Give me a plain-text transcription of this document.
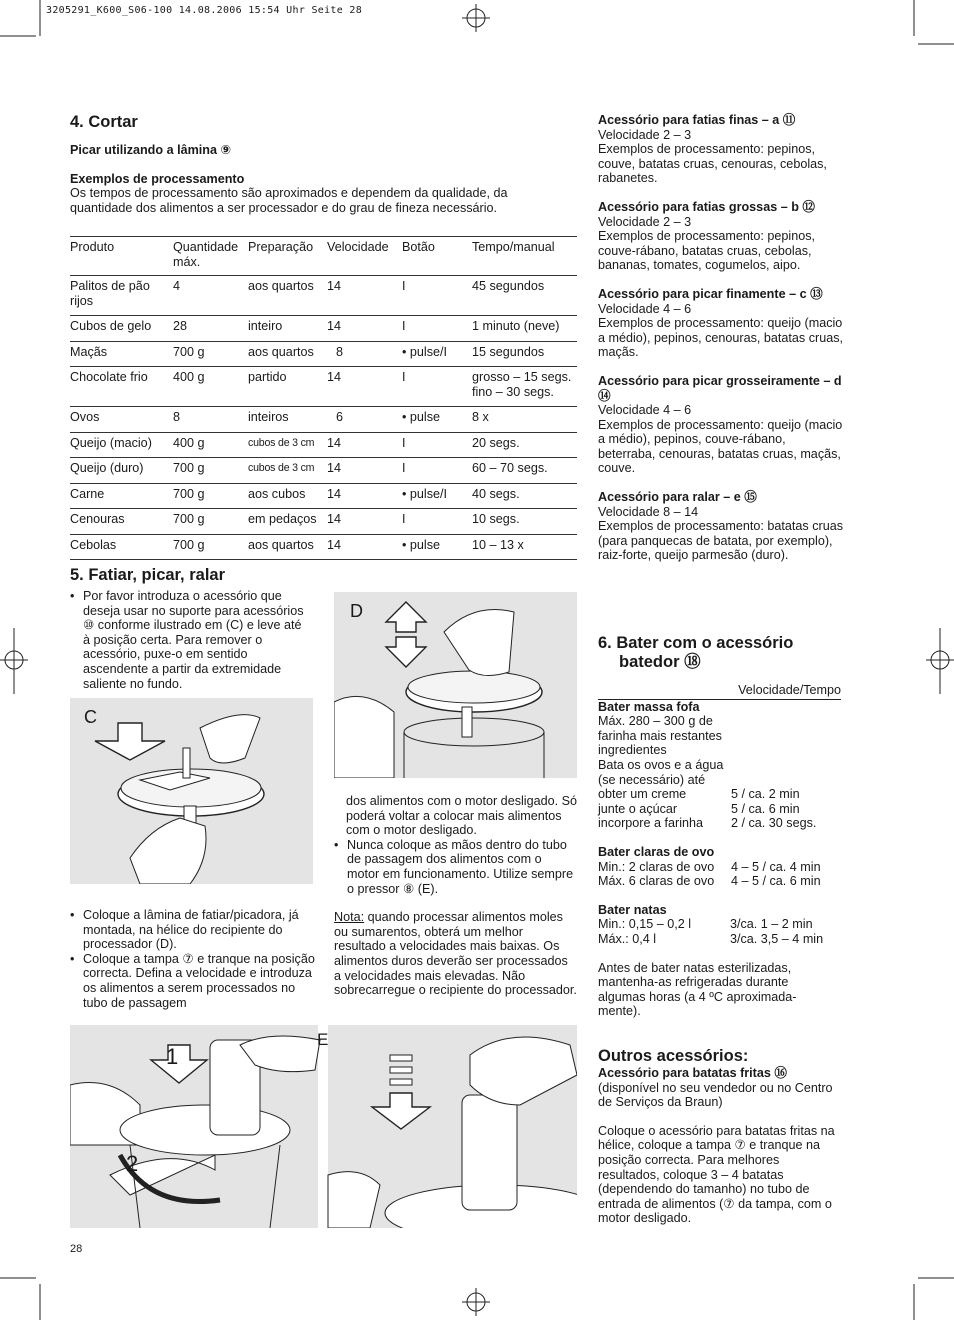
3205291_K600_S06-100 14.08.2006 15:54 Uhr Seite 28
4. Cortar

Picar utilizando a lâmina ⑨

Exemplos de processamento

Os tempos de processamento são aproximados e dependem da qualidade, da quantidade dos alimentos a ser processador e do grau de fineza necessário.

Produto	Quantidade máx.	Preparação	Velocidade	Botão	Tempo/manual
Palitos de pão rijos	4	aos quartos	14	I	45 segundos
Cubos de gelo	28	inteiro	14	I	1 minuto (neve)
Maçãs	700 g	aos quartos	8	• pulse/I	15 segundos
Chocolate frio	400 g	partido	14	I	grosso – 15 segs. fino – 30 segs.
Ovos	8	inteiros	6	• pulse	8 x
Queijo (macio)	400 g	cubos de 3 cm	14	I	20 segs.
Queijo (duro)	700 g	cubos de 3 cm	14	I	60 – 70 segs.
Carne	700 g	aos cubos	14	• pulse/I	40 segs.
Cenouras	700 g	em pedaços	14	I	10 segs.
Cebolas	700 g	aos quartos	14	• pulse	10 – 13 x
5. Fatiar, picar, ralar
• Por favor introduza o acessório que deseja usar no suporte para acessórios ⑩ conforme ilustrado em (C) e leve até à posição certa. Para remover o acessório, puxe-o em sentido ascendente a partir da extremidade saliente no fundo.
C
D

dos alimentos com o motor desligado. Só poderá voltar a colocar mais alimentos com o motor desligado.

• Nunca coloque as mãos dentro do tubo de passagem dos alimentos com o motor em funcionamento. Utilize sempre o pressor ⑧ (E).

Nota: quando processar alimentos moles ou sumarentos, obterá um melhor resultado a velocidades mais baixas. Os alimentos duros deverão ser processados a velocidades mais elevadas. Não sobrecarregue o recipiente do processador.

• Coloque a lâmina de fatiar/picadora, já montada, na hélice do recipiente do processador (D).
• Coloque a tampa ⑦ e tranque na posição correcta. Defina a velocidade e introduza os alimentos a serem processados no tubo de passagem
1
2
E
28

Acessório para fatias finas – a ⑪

Velocidade 2 – 3

Exemplos de processamento: pepinos, couve, batatas cruas, cenouras, cebolas, rabanetes.

Acessório para fatias grossas – b ⑫

Velocidade 2 – 3

Exemplos de processamento: pepinos, couve-rábano, batatas cruas, cebolas, bananas, tomates, cogumelos, aipo.

Acessório para picar finamente – c ⑬

Velocidade 4 – 6

Exemplos de processamento: queijo (macio a médio), pepinos, cenouras, batatas cruas, maçãs.

Acessório para picar grosseiramente – d ⑭

Velocidade 4 – 6

Exemplos de processamento: queijo (macio a médio), pepinos, couve-rábano, beterraba, cenouras, batatas cruas, maçãs, couve.

Acessório para ralar – e ⑮

Velocidade 8 – 14

Exemplos de processamento: batatas cruas (para panquecas de batata, por exemplo), raiz-forte, queijo parmesão (duro).

6. Bater com o acessório
batedor ⑱
Velocidade/Tempo

Bater massa fofa

Máx. 280 – 300 g de

farinha mais restantes

ingredientes

Bata os ovos e a água

(se necessário) até

obter um creme	5 / ca. 2 min
junte o açúcar	5 / ca. 6 min
incorpore a farinha	2 / ca. 30 segs.

Bater claras de ovo

Min.: 2 claras de ovo	4 – 5 / ca. 4 min
Máx. 6 claras de ovo	4 – 5 / ca. 6 min

Bater natas

Min.: 0,15 – 0,2 l	3/ca. 1 – 2 min
Máx.: 0,4 l	3/ca. 3,5 – 4 min

Antes de bater natas esterilizadas, mantenha-as refrigeradas durante algumas horas (a 4 ºC aproximada-mente).

Outros acessórios:

Acessório para batatas fritas ⑯

(disponível no seu vendedor ou no Centro de Serviços da Braun)

Coloque o acessório para batatas fritas na hélice, coloque a tampa ⑦ e tranque na posição correcta. Para melhores resultados, coloque 3 – 4 batatas (dependendo do tamanho) no tubo de entrada de alimentos (⑦ da tampa, com o motor desligado.
